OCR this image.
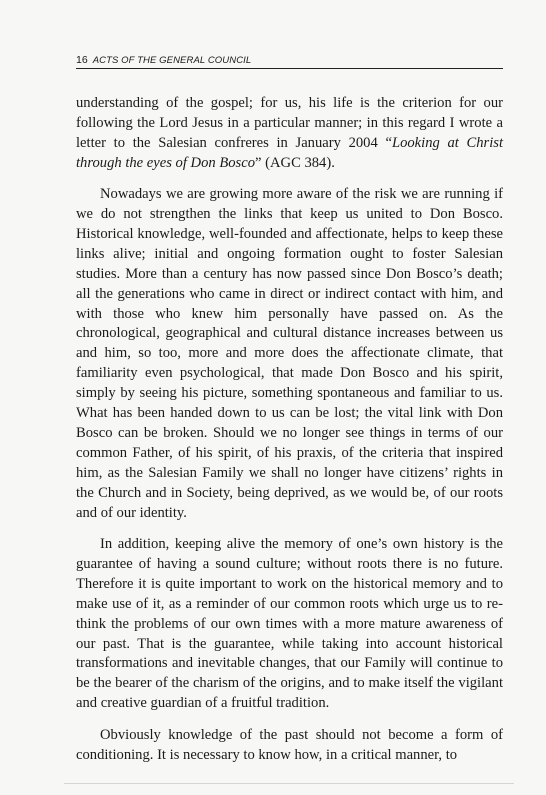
16 ACTS OF THE GENERAL COUNCIL

understanding of the gospel; for us, his life is the criterion for our following the Lord Jesus in a particular manner; in this regard I wrote a letter to the Salesian confreres in January 2004 “Looking at Christ through the eyes of Don Bosco” (AGC 384).

Nowadays we are growing more aware of the risk we are running if we do not strengthen the links that keep us united to Don Bosco. Historical knowledge, well-founded and affectionate, helps to keep these links alive; initial and ongoing formation ought to foster Salesian studies. More than a century has now passed since Don Bosco’s death; all the generations who came in direct or indirect contact with him, and with those who knew him personally have passed on. As the chronological, geographical and cultural distance increases between us and him, so too, more and more does the affectionate climate, that familiarity even psychological, that made Don Bosco and his spirit, simply by seeing his picture, something spontaneous and familiar to us. What has been handed down to us can be lost; the vital link with Don Bosco can be broken. Should we no longer see things in terms of our common Father, of his spirit, of his praxis, of the criteria that inspired him, as the Salesian Family we shall no longer have citizens’ rights in the Church and in Society, being deprived, as we would be, of our roots and of our identity.

In addition, keeping alive the memory of one’s own history is the guarantee of having a sound culture; without roots there is no future. Therefore it is quite important to work on the historical memory and to make use of it, as a reminder of our common roots which urge us to re-think the problems of our own times with a more mature awareness of our past. That is the guarantee, while taking into account historical transformations and inevitable changes, that our Family will continue to be the bearer of the charism of the origins, and to make itself the vigilant and creative guardian of a fruitful tradition.

Obviously knowledge of the past should not become a form of conditioning. It is necessary to know how, in a critical manner, to
